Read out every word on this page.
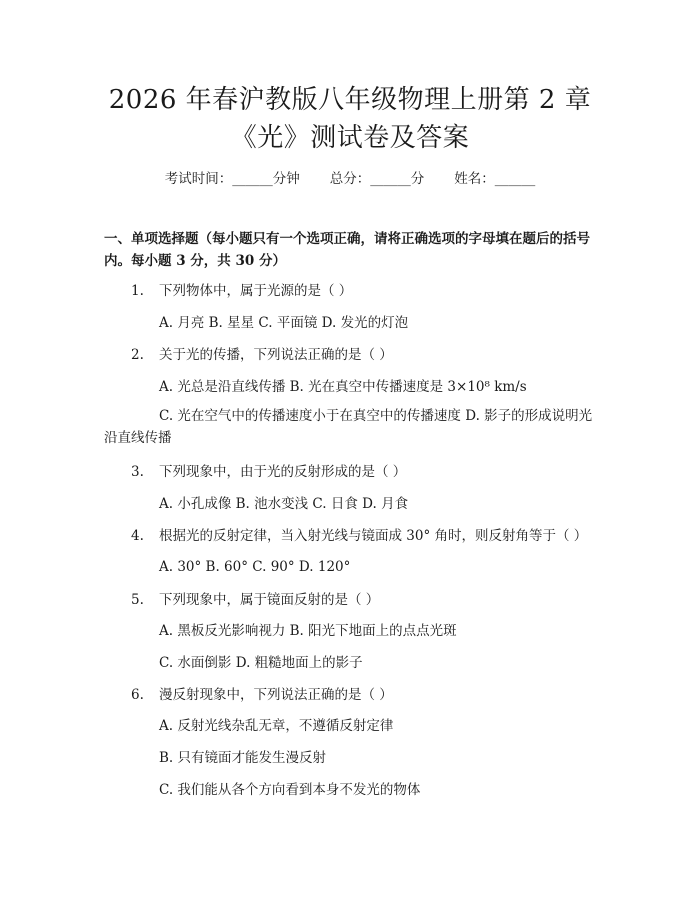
2026 年春沪教版八年级物理上册第 2 章
《光》测试卷及答案
考试时间：______分钟 总分：______分 姓名：______
一、单项选择题（每小题只有一个选项正确，请将正确选项的字母填在题后的括号内。每小题 3 分，共 30 分）
1. 下列物体中，属于光源的是（ ）
A. 月亮 B. 星星 C. 平面镜 D. 发光的灯泡
2. 关于光的传播，下列说法正确的是（ ）
A. 光总是沿直线传播 B. 光在真空中传播速度是 3×10⁸ km/s
C. 光在空气中的传播速度小于在真空中的传播速度 D. 影子的形成说明光沿直线传播
3. 下列现象中，由于光的反射形成的是（ ）
A. 小孔成像 B. 池水变浅 C. 日食 D. 月食
4. 根据光的反射定律，当入射光线与镜面成 30° 角时，则反射角等于（ ）
A. 30° B. 60° C. 90° D. 120°
5. 下列现象中，属于镜面反射的是（ ）
A. 黑板反光影响视力 B. 阳光下地面上的点点光斑
C. 水面倒影 D. 粗糙地面上的影子
6. 漫反射现象中，下列说法正确的是（ ）
A. 反射光线杂乱无章，不遵循反射定律
B. 只有镜面才能发生漫反射
C. 我们能从各个方向看到本身不发光的物体
